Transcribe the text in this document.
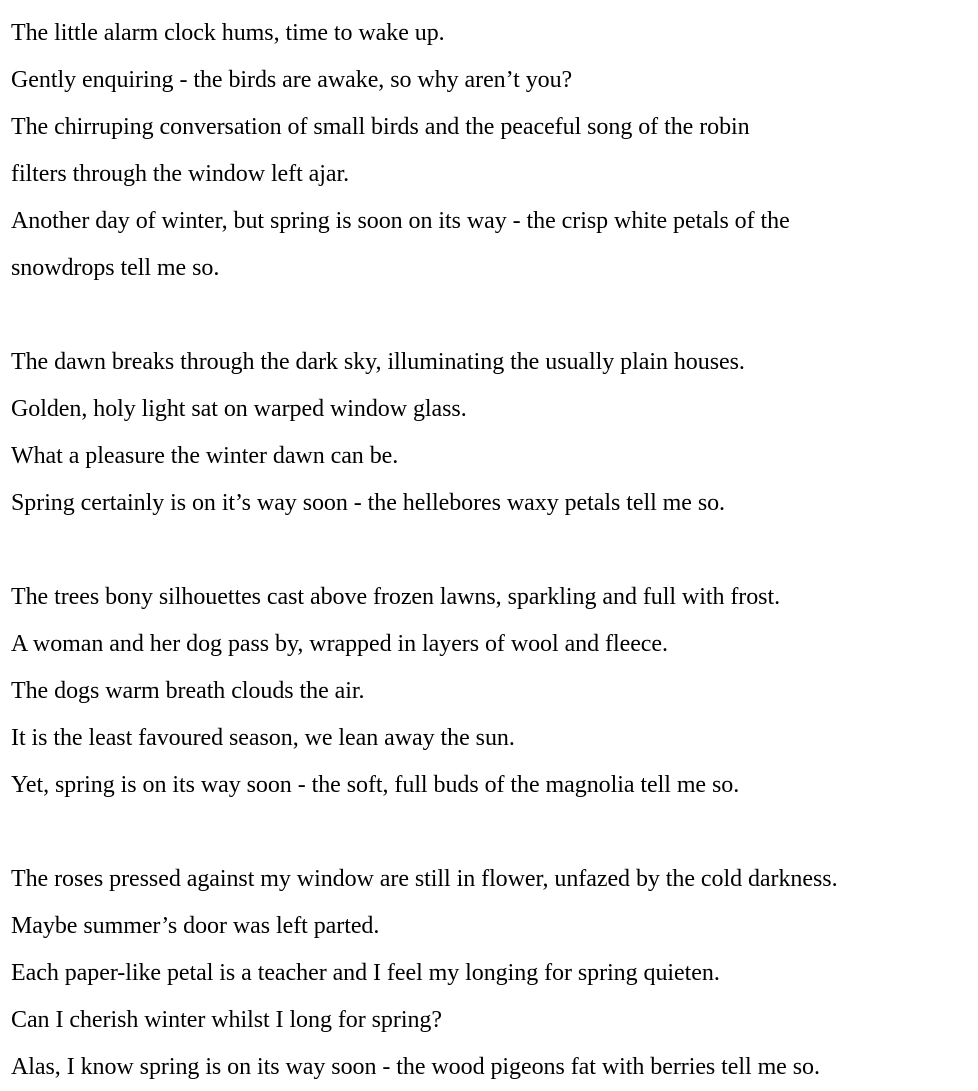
The little alarm clock hums, time to wake up.
Gently enquiring - the birds are awake, so why aren’t you?
The chirruping conversation of small birds and the peaceful song of the robin
filters through the window left ajar.
Another day of winter, but spring is soon on its way - the crisp white petals of the
snowdrops tell me so.
The dawn breaks through the dark sky, illuminating the usually plain houses.
Golden, holy light sat on warped window glass.
What a pleasure the winter dawn can be.
Spring certainly is on it’s way soon - the hellebores waxy petals tell me so.
The trees bony silhouettes cast above frozen lawns, sparkling and full with frost.
A woman and her dog pass by, wrapped in layers of wool and fleece.
The dogs warm breath clouds the air.
It is the least favoured season, we lean away the sun.
Yet, spring is on its way soon - the soft, full buds of the magnolia tell me so.
The roses pressed against my window are still in flower, unfazed by the cold darkness.
Maybe summer’s door was left parted.
Each paper-like petal is a teacher and I feel my longing for spring quieten.
Can I cherish winter whilst I long for spring?
Alas, I know spring is on its way soon - the wood pigeons fat with berries tell me so.
